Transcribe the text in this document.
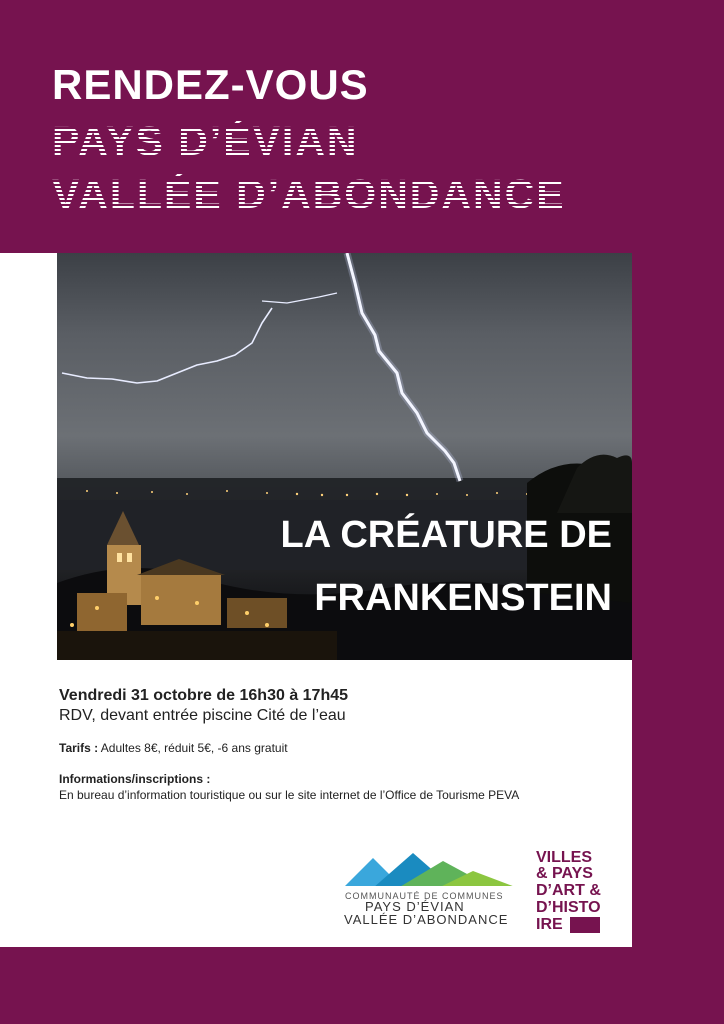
RENDEZ-VOUS
PAYS D’ÉVIAN
VALLÉE D’ABONDANCE
LA CRÉATURE DE
FRANKENSTEIN
Vendredi 31 octobre de 16h30 à 17h45
RDV, devant entrée piscine Cité de l’eau
Tarifs : Adultes 8€, réduit 5€, -6 ans gratuit
Informations/inscriptions :
En bureau d’information touristique ou sur le site internet de l’Office de Tourisme PEVA
COMMUNAUTÉ DE COMMUNES
PAYS D’ÉVIAN
VALLÉE D’ABONDANCE
VILLES
& PAYS
D’ART &
D’HISTO
IRE
